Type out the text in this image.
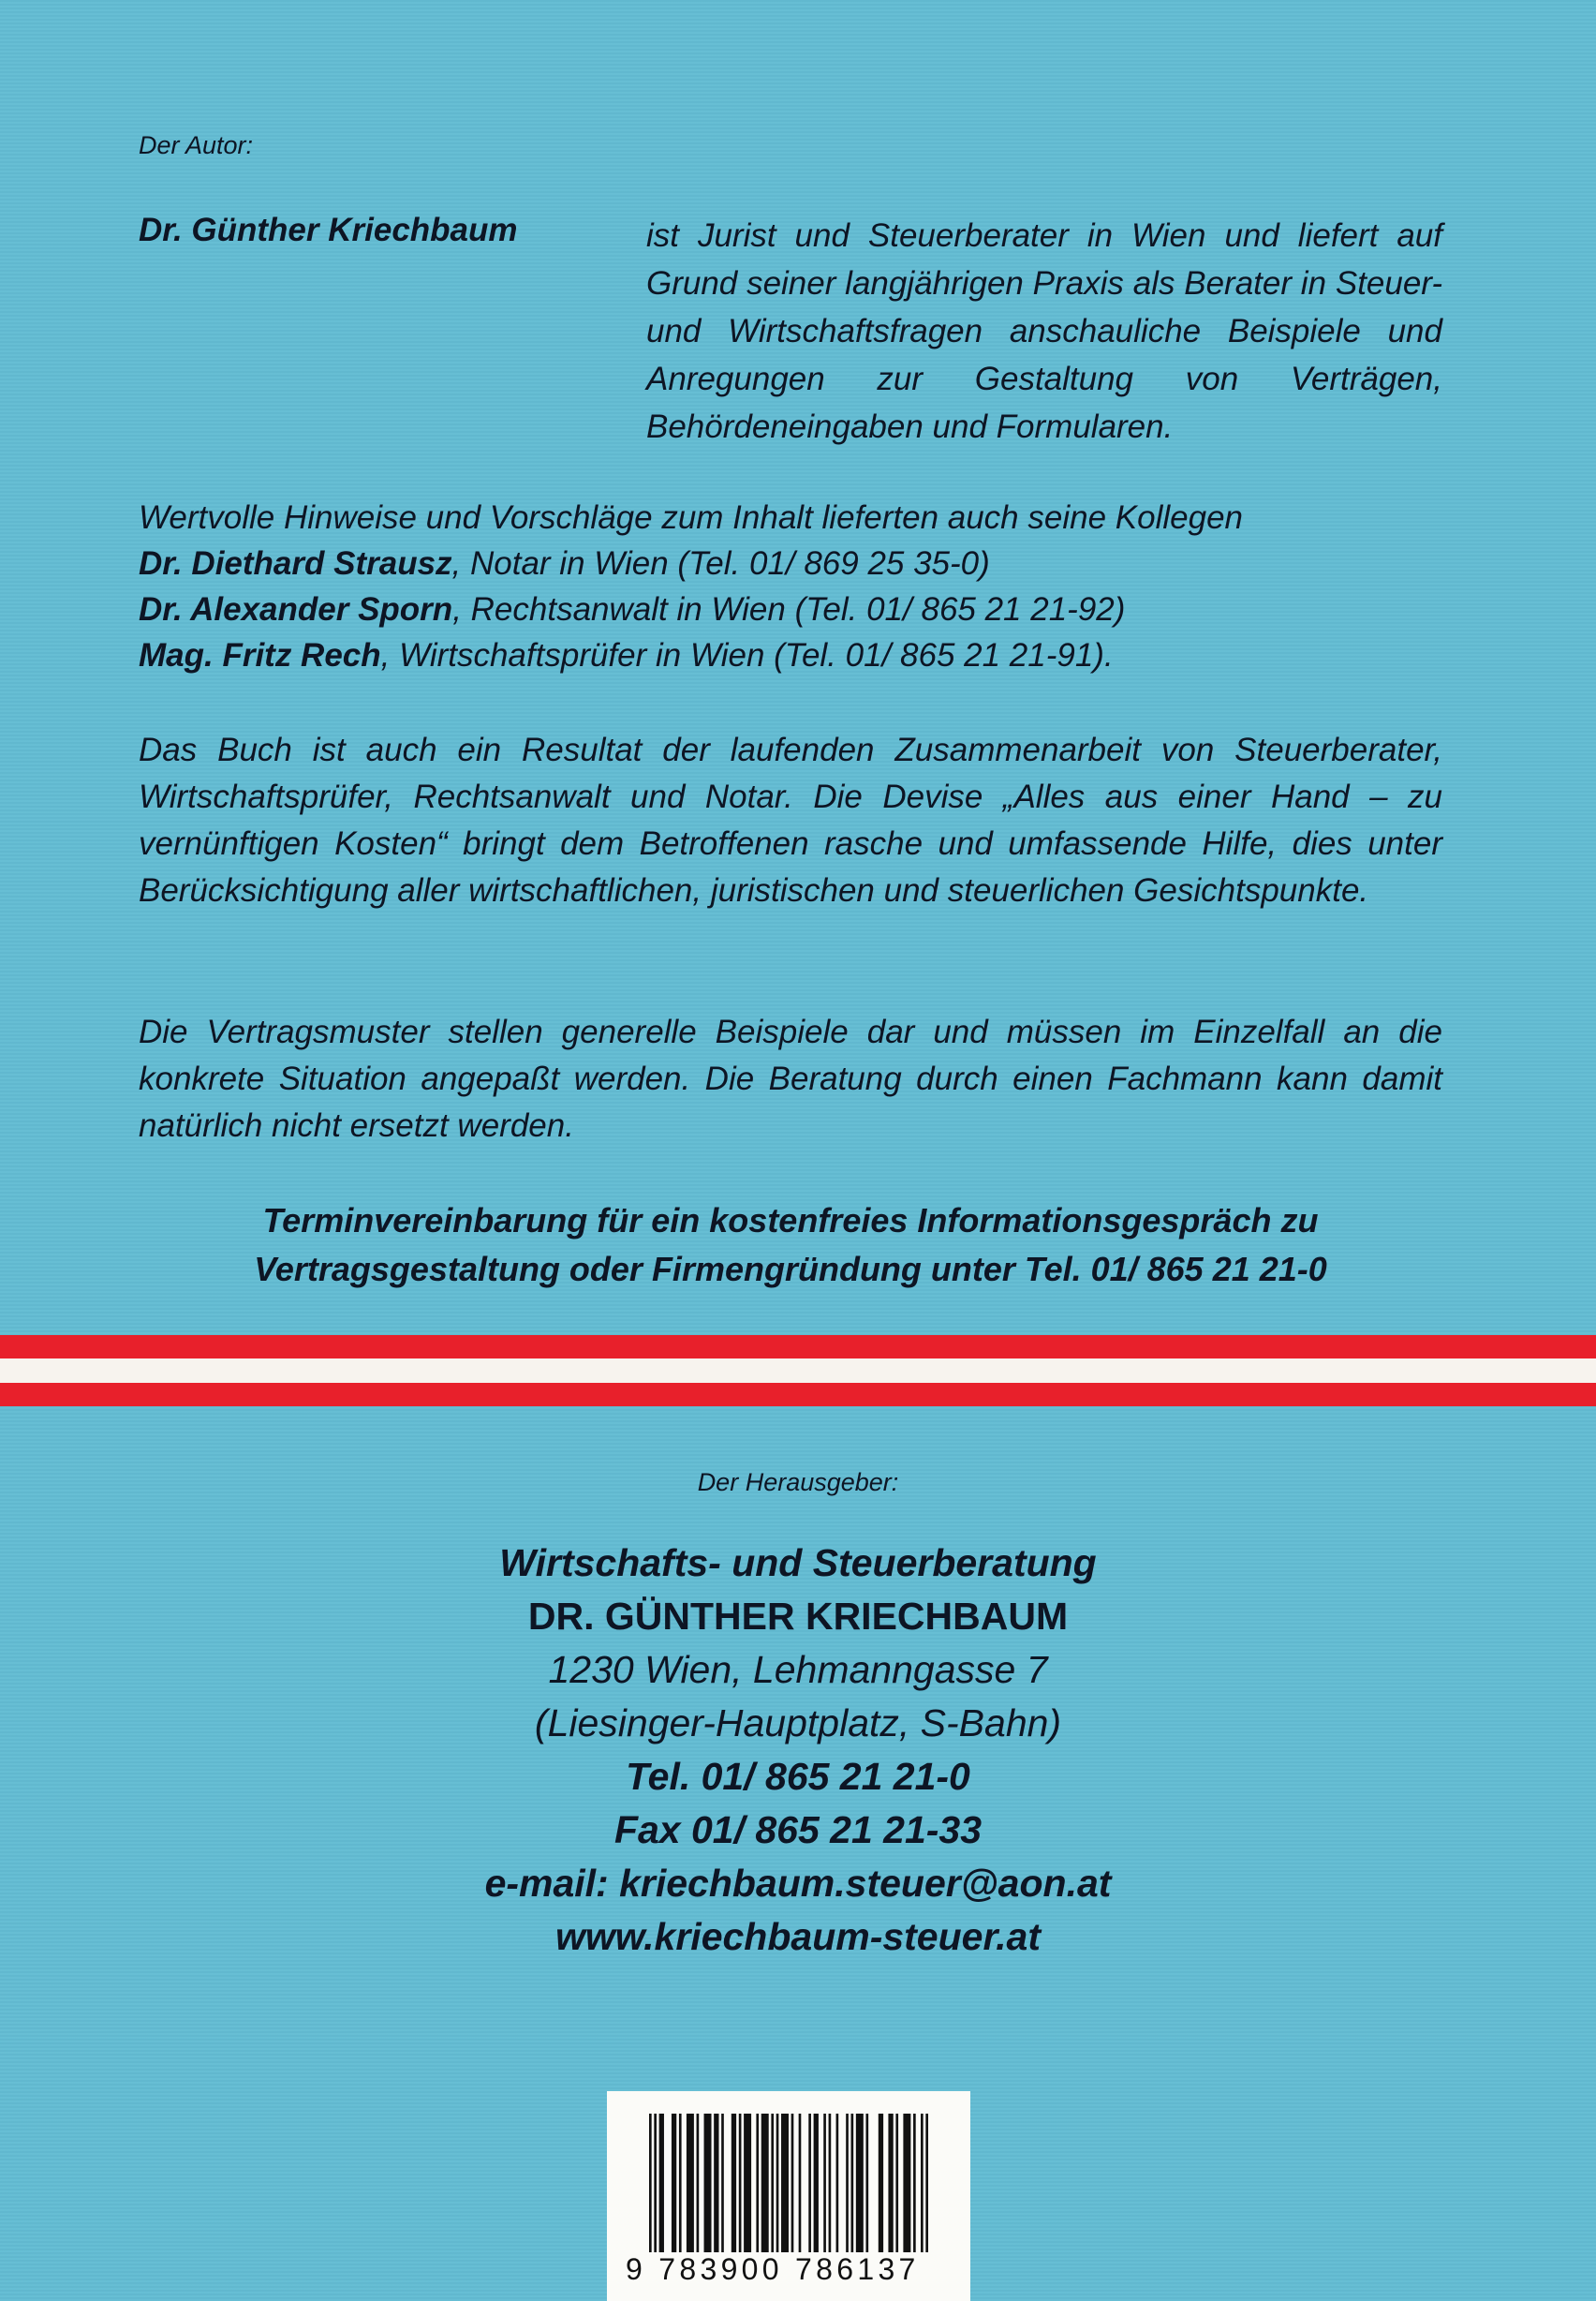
Der Autor:
Dr. Günther Kriechbaum	ist Jurist und Steuerberater in Wien und liefert auf Grund seiner langjährigen Praxis als Berater in Steuer- und Wirtschaftsfragen anschauliche Beispiele und Anregungen zur Gestaltung von Verträgen, Behördeneingaben und Formularen.
Wertvolle Hinweise und Vorschläge zum Inhalt lieferten auch seine Kollegen
Dr. Diethard Strausz, Notar in Wien (Tel. 01/ 869 25 35-0)
Dr. Alexander Sporn, Rechtsanwalt in Wien (Tel. 01/ 865 21 21-92)
Mag. Fritz Rech, Wirtschaftsprüfer in Wien (Tel. 01/ 865 21 21-91).
Das Buch ist auch ein Resultat der laufenden Zusammenarbeit von Steuerberater, Wirtschaftsprüfer, Rechtsanwalt und Notar. Die Devise „Alles aus einer Hand – zu vernünftigen Kosten“ bringt dem Betroffenen rasche und umfassende Hilfe, dies unter Berücksichtigung aller wirtschaftlichen, juristischen und steuerlichen Gesichtspunkte.
Die Vertragsmuster stellen generelle Beispiele dar und müssen im Einzelfall an die konkrete Situation angepaßt werden. Die Beratung durch einen Fachmann kann damit natürlich nicht ersetzt werden.
Terminvereinbarung für ein kostenfreies Informationsgespräch zu
Vertragsgestaltung oder Firmengründung unter Tel. 01/ 865 21 21-0
Der Herausgeber:
Wirtschafts- und Steuerberatung
DR. GÜNTHER KRIECHBAUM
1230 Wien, Lehmanngasse 7
(Liesinger-Hauptplatz, S-Bahn)
Tel. 01/ 865 21 21-0
Fax 01/ 865 21 21-33
e-mail: kriechbaum.steuer@aon.at
www.kriechbaum-steuer.at
9 783900 786137
